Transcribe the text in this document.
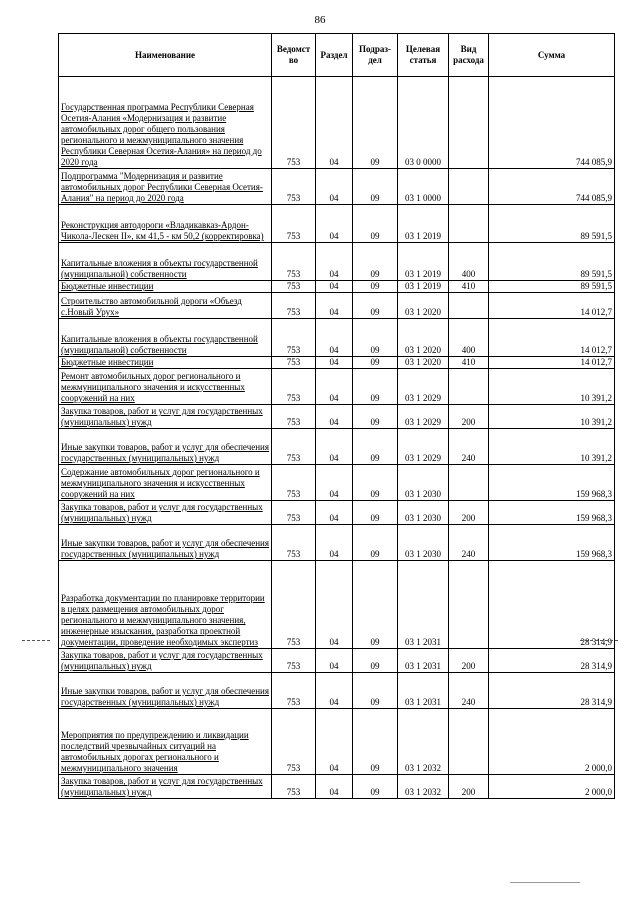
86
Наименование	Ведомст во	Раздел	Подраз- дел	Целевая статья	Вид расхода	Сумма
Государственная программа Республики Северная Осетия-Алания «Модернизация и развитие автомобильных дорог общего пользования регионального и межмуниципального значения Республики Северная Осетия-Алания» на период до 2020 года	753	04	09	03 0 0000		744 085,9
Подпрограмма "Модернизация и развитие автомобильных дорог Республики Северная Осетия-Алания" на период до 2020 года	753	04	09	03 1 0000		744 085,9
Реконструкция автодороги «Владикавказ-Ардон-Чикола-Лескен II», км 41,5 - км 50,2 (корректировка)	753	04	09	03 1 2019		89 591,5
Капитальные вложения в объекты государственной (муниципальной) собственности	753	04	09	03 1 2019	400	89 591,5
Бюджетные инвестиции	753	04	09	03 1 2019	410	89 591,5
Строительство автомобильной дороги «Объезд с.Новый Урух»	753	04	09	03 1 2020		14 012,7
Капитальные вложения в объекты государственной (муниципальной) собственности	753	04	09	03 1 2020	400	14 012,7
Бюджетные инвестиции	753	04	09	03 1 2020	410	14 012,7
Ремонт автомобильных дорог регионального и межмуниципального значения и искусственных сооружений на них	753	04	09	03 1 2029		10 391,2
Закупка товаров, работ и услуг для государственных (муниципальных) нужд	753	04	09	03 1 2029	200	10 391,2
Иные закупки товаров, работ и услуг для обеспечения государственных (муниципальных) нужд	753	04	09	03 1 2029	240	10 391,2
Содержание автомобильных дорог регионального и межмуниципального значения и искусственных сооружений на них	753	04	09	03 1 2030		159 968,3
Закупка товаров, работ и услуг для государственных (муниципальных) нужд	753	04	09	03 1 2030	200	159 968,3
Иные закупки товаров, работ и услуг для обеспечения государственных (муниципальных) нужд	753	04	09	03 1 2030	240	159 968,3
Разработка документации по планировке территории в целях размещения автомобильных дорог регионального и межмуниципального значения, инженерные изыскания, разработка проектной документации, проведение необходимых экспертиз	753	04	09	03 1 2031		28 314,9
Закупка товаров, работ и услуг для государственных (муниципальных) нужд	753	04	09	03 1 2031	200	28 314,9
Иные закупки товаров, работ и услуг для обеспечения государственных (муниципальных) нужд	753	04	09	03 1 2031	240	28 314,9
Мероприятия по предупреждению и ликвидации последствий чрезвычайных ситуаций на автомобильных дорогах регионального и межмуниципального значения	753	04	09	03 1 2032		2 000,0
Закупка товаров, работ и услуг для государственных (муниципальных) нужд	753	04	09	03 1 2032	200	2 000,0
